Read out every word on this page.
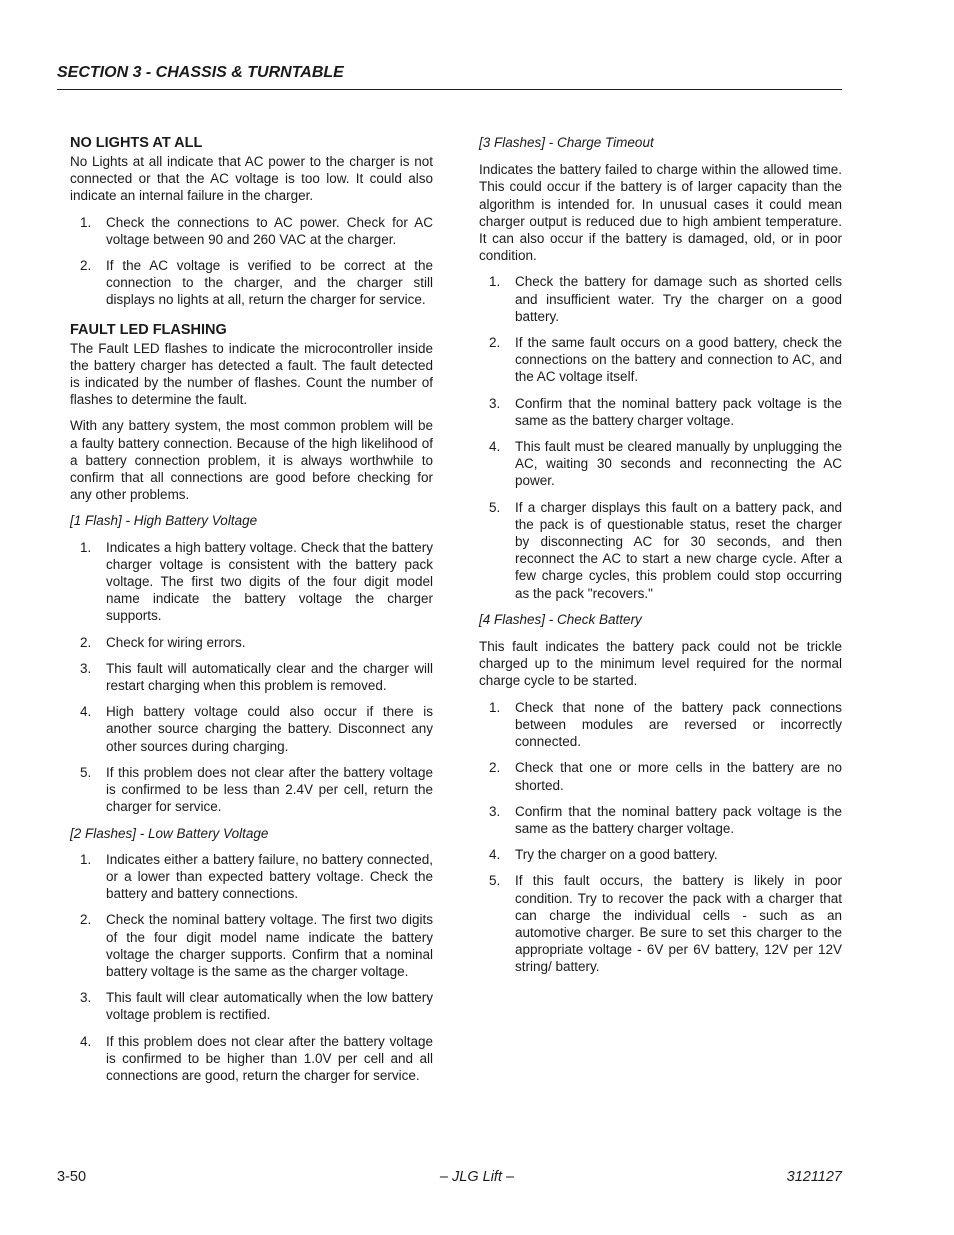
SECTION 3 - CHASSIS & TURNTABLE
NO LIGHTS AT ALL

No Lights at all indicate that AC power to the charger is not connected or that the AC voltage is too low. It could also indicate an internal failure in the charger.

1. Check the connections to AC power. Check for AC voltage between 90 and 260 VAC at the charger.
2. If the AC voltage is verified to be correct at the connection to the charger, and the charger still displays no lights at all, return the charger for service.
FAULT LED FLASHING

The Fault LED flashes to indicate the microcontroller inside the battery charger has detected a fault. The fault detected is indicated by the number of flashes. Count the number of flashes to determine the fault.

With any battery system, the most common problem will be a faulty battery connection. Because of the high likelihood of a battery connection problem, it is always worthwhile to confirm that all connections are good before checking for any other problems.

[1 Flash] - High Battery Voltage
1. Indicates a high battery voltage. Check that the battery charger voltage is consistent with the battery pack voltage. The first two digits of the four digit model name indicate the battery voltage the charger supports.
2. Check for wiring errors.
3. This fault will automatically clear and the charger will restart charging when this problem is removed.
4. High battery voltage could also occur if there is another source charging the battery. Disconnect any other sources during charging.
5. If this problem does not clear after the battery voltage is confirmed to be less than 2.4V per cell, return the charger for service.
[2 Flashes] - Low Battery Voltage
1. Indicates either a battery failure, no battery connected, or a lower than expected battery voltage. Check the battery and battery connections.
2. Check the nominal battery voltage. The first two digits of the four digit model name indicate the battery voltage the charger supports. Confirm that a nominal battery voltage is the same as the charger voltage.
3. This fault will clear automatically when the low battery voltage problem is rectified.
4. If this problem does not clear after the battery voltage is confirmed to be higher than 1.0V per cell and all connections are good, return the charger for service.
[3 Flashes] - Charge Timeout

Indicates the battery failed to charge within the allowed time. This could occur if the battery is of larger capacity than the algorithm is intended for. In unusual cases it could mean charger output is reduced due to high ambient temperature. It can also occur if the battery is damaged, old, or in poor condition.

1. Check the battery for damage such as shorted cells and insufficient water. Try the charger on a good battery.
2. If the same fault occurs on a good battery, check the connections on the battery and connection to AC, and the AC voltage itself.
3. Confirm that the nominal battery pack voltage is the same as the battery charger voltage.
4. This fault must be cleared manually by unplugging the AC, waiting 30 seconds and reconnecting the AC power.
5. If a charger displays this fault on a battery pack, and the pack is of questionable status, reset the charger by disconnecting AC for 30 seconds, and then reconnect the AC to start a new charge cycle. After a few charge cycles, this problem could stop occurring as the pack "recovers."
[4 Flashes] - Check Battery

This fault indicates the battery pack could not be trickle charged up to the minimum level required for the normal charge cycle to be started.

1. Check that none of the battery pack connections between modules are reversed or incorrectly connected.
2. Check that one or more cells in the battery are no shorted.
3. Confirm that the nominal battery pack voltage is the same as the battery charger voltage.
4. Try the charger on a good battery.
5. If this fault occurs, the battery is likely in poor condition. Try to recover the pack with a charger that can charge the individual cells - such as an automotive charger. Be sure to set this charger to the appropriate voltage - 6V per 6V battery, 12V per 12V string/ battery.
3-50	– JLG Lift –	3121127
